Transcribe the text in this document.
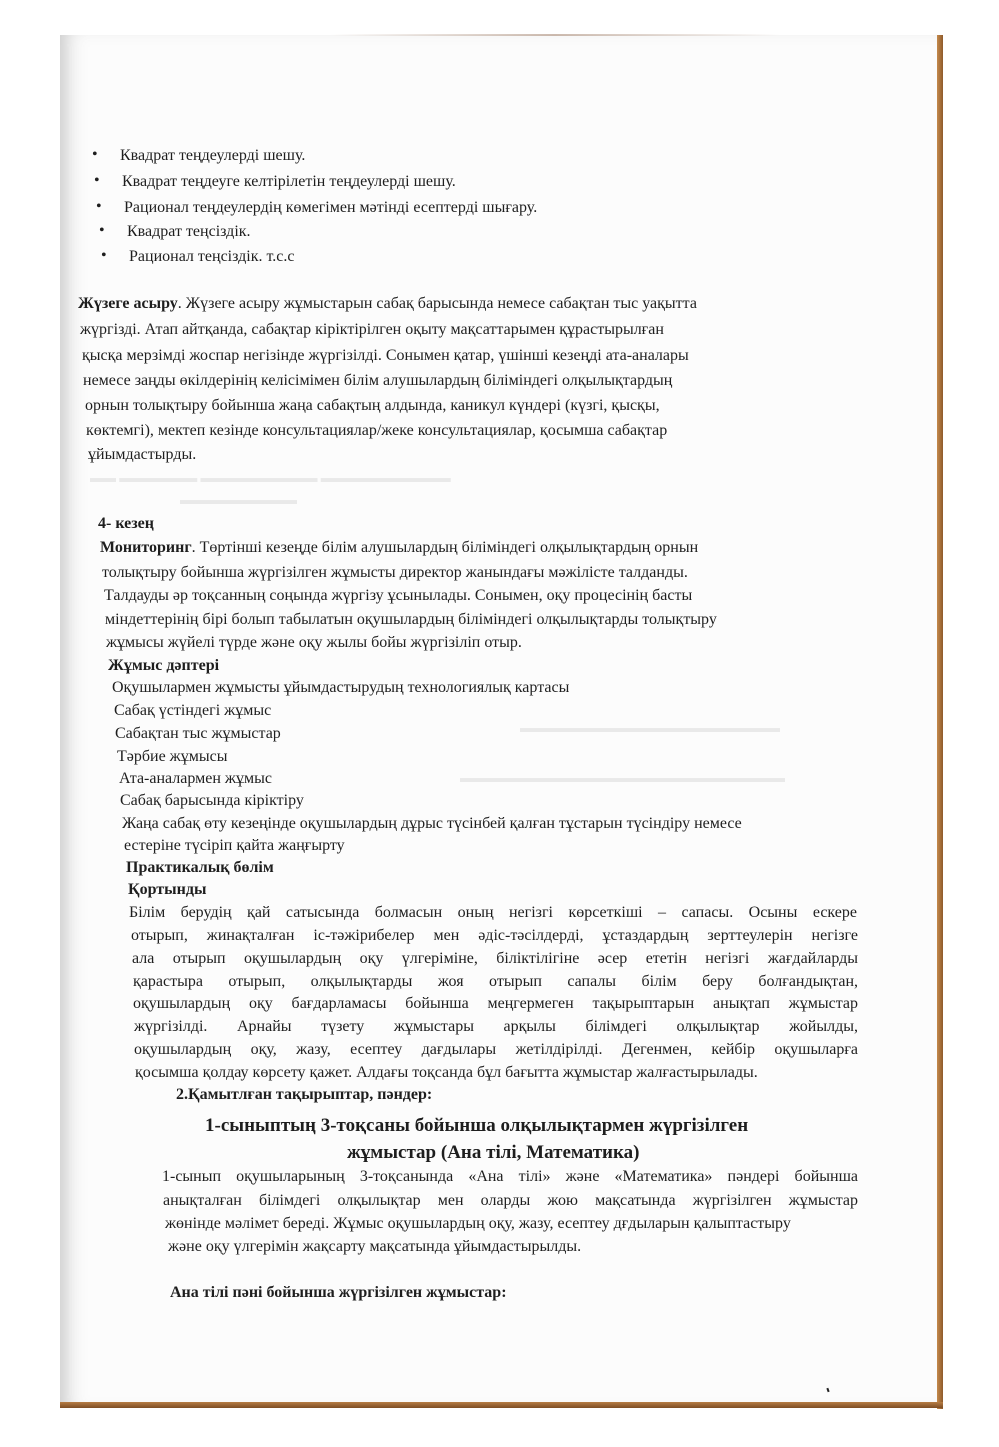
▬▬ ▬▬▬▬▬▬ ▬▬▬▬▬▬▬▬▬ ▬▬▬▬▬▬▬▬▬▬
▬▬▬▬▬▬▬▬▬
▬▬▬▬▬▬▬▬▬▬▬▬▬▬▬▬▬▬▬▬
▬▬▬▬▬▬▬▬▬▬▬▬▬▬▬▬▬▬▬▬▬▬▬▬▬
• Квадрат теңдеулерді шешу.
• Квадрат теңдеуге келтірілетін теңдеулерді шешу.
• Рационал теңдеулердің көмегімен мәтінді есептерді шығару.
• Квадрат теңсіздік.
• Рационал теңсіздік. т.с.с
Жүзеге асыру. Жүзеге асыру жұмыстарын сабақ барысында немесе сабақтан тыс уақытта
жүргізді. Атап айтқанда, сабақтар кіріктірілген оқыту мақсаттарымен құрастырылған
қысқа мерзімді жоспар негізінде жүргізілді. Сонымен қатар, үшінші кезеңді ата-аналары
немесе заңды өкілдерінің келісімімен білім алушылардың біліміндегі олқылықтардың
орнын толықтыру бойынша жаңа сабақтың алдында, каникул күндері (күзгі, қысқы,
көктемгі), мектеп кезінде консультациялар/жеке консультациялар, қосымша сабақтар
ұйымдастырды.
4- кезең
Мониторинг. Төртінші кезеңде білім алушылардың біліміндегі олқылықтардың орнын
толықтыру бойынша жүргізілген жұмысты директор жанындағы мәжілісте талданды.
Талдауды әр тоқсанның соңында жүргізу ұсынылады. Сонымен, оқу процесінің басты
міндеттерінің бірі болып табылатын оқушылардың біліміндегі олқылықтарды толықтыру
жұмысы жүйелі түрде және оқу жылы бойы жүргізіліп отыр.
Жұмыс дәптері
Оқушылармен жұмысты ұйымдастырудың технологиялық картасы
Сабақ үстіндегі жұмыс
Сабақтан тыс жұмыстар
Тәрбие жұмысы
Ата-аналармен жұмыс
Сабақ барысында кіріктіру
Жаңа сабақ өту кезеңінде оқушылардың дұрыс түсінбей қалған тұстарын түсіндіру немесе
естеріне түсіріп қайта жаңғырту
Практикалық бөлім
Қортынды
Білім берудің қай сатысында болмасын оның негізгі көрсеткіші – сапасы. Осыны ескере
отырып, жинақталған іс-тәжірибелер мен әдіс-тәсілдерді, ұстаздардың зерттеулерін негізге
ала отырып оқушылардың оқу үлгеріміне, біліктілігіне әсер ететін негізгі жағдайларды
қарастыра отырып, олқылықтарды жоя отырып сапалы білім беру болғандықтан,
оқушылардың оқу бағдарламасы бойынша меңгермеген тақырыптарын анықтап жұмыстар
жүргізілді. Арнайы түзету жұмыстары арқылы білімдегі олқылықтар жойылды,
оқушылардың оқу, жазу, есептеу дағдылары жетілдірілді. Дегенмен, кейбір оқушыларға
қосымша қолдау көрсету қажет. Алдағы тоқсанда бұл бағытта жұмыстар жалғастырылады.
2.Қамытлған тақырыптар, пәндер:
1-сыныптың 3-тоқсаны бойынша олқылықтармен жүргізілген
жұмыстар (Ана тілі, Математика)
1-сынып оқушыларының 3-тоқсанында «Ана тілі» және «Математика» пәндері бойынша
анықталған білімдегі олқылықтар мен оларды жою мақсатында жүргізілген жұмыстар
жөнінде мәлімет береді. Жұмыс оқушылардың оқу, жазу, есептеу дғдыларын қалыптастыру
және оқу үлгерімін жақсарту мақсатында ұйымдастырылды.
Ана тілі пәні бойынша жүргізілген жұмыстар:
